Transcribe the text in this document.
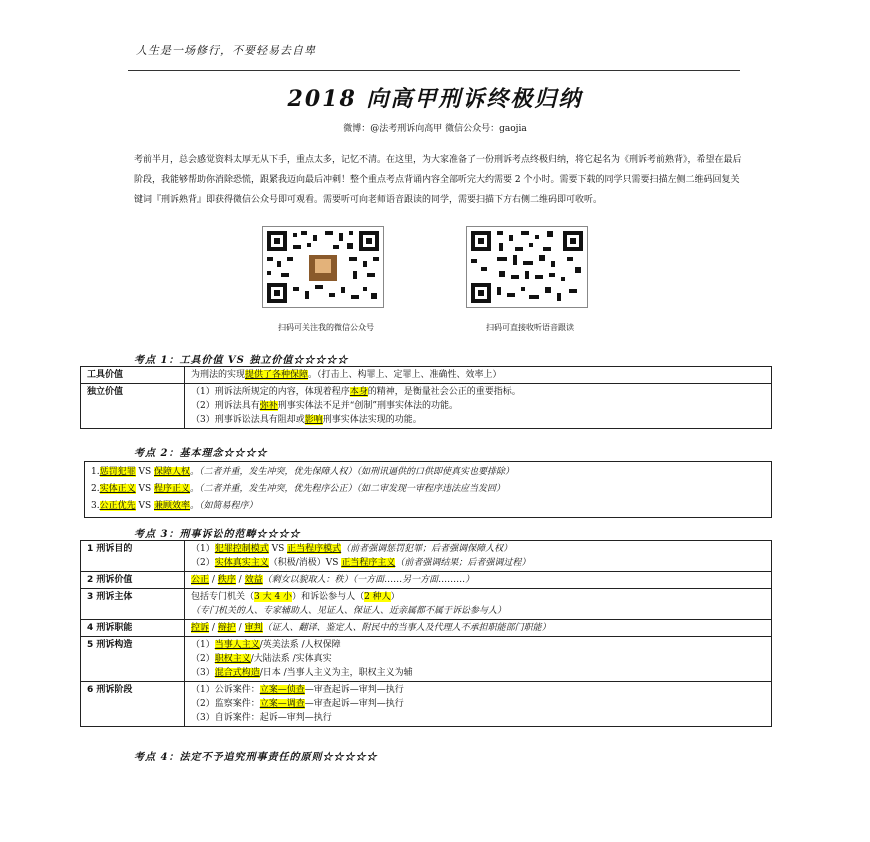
人生是一场修行，不要轻易去自卑
2018 向高甲刑诉终极归纳
微博：@法考刑诉向高甲 微信公众号：gaojia
考前半月，总会感觉资料太厚无从下手，重点太多，记忆不清。在这里，为大家准备了一份刑诉考点终极归纳，将它起名为《刑诉考前熟背》，希望在最后阶段，我能够帮助你消除恐慌，跟紧我迈向最后冲刺！整个重点考点背诵内容全部听完大约需要 2 个小时。需要下载的同学只需要扫描左侧二维码回复关键词『刑诉熟背』即获得微信公众号即可观看。需要听可向老师语音跟读的同学，需要扫描下方右侧二维码即可收听。
扫码可关注我的微信公众号	扫码可直接收听语音跟读
考点 1：工具价值 VS 独立价值☆☆☆☆☆
工具价值	为刑法的实现提供了各种保障。（打击上、构罪上、定罪上、准确性、效率上）
独立价值	（1）刑诉法所规定的内容，体现着程序本身的精神，是衡量社会公正的重要指标。
（2）刑诉法具有弥补刑事实体法不足并“创制”刑事实体法的功能。
（3）刑事诉讼法具有阻却或影响刑事实体法实现的功能。
考点 2：基本理念☆☆☆☆
1.惩罚犯罪 VS 保障人权。（二者并重，发生冲突，优先保障人权）（如刑讯逼供的口供即使真实也要排除）
2.实体正义 VS 程序正义。（二者并重，发生冲突，优先程序公正）（如二审发现一审程序违法应当发回）
3.公正优先 VS 兼顾效率。（如简易程序）
考点 3：刑事诉讼的范畴☆☆☆☆
1 刑诉目的	（1）犯罪控制模式 VS 正当程序模式（前者强调惩罚犯罪；后者强调保障人权）
（2）实体真实主义（积极/消极）VS 正当程序主义（前者强调结果；后者强调过程）

2 刑诉价值	公正 / 秩序 / 效益（剩女以貌取人：秩）（一方面……另一方面………）
3 刑诉主体	包括专门机关（3 大 4 小）和诉讼参与人（2 种人）
（专门机关的人、专家辅助人、见证人、保证人、近亲属都不属于诉讼参与人）

4 刑诉职能	控诉 / 辩护 / 审判（证人、翻译、鉴定人、附民中的当事人及代理人不承担职能部门职能）
5 刑诉构造	（1）当事人主义/英美法系 /人权保障
（2）职权主义/大陆法系 /实体真实
（3）混合式构造/日本 /当事人主义为主，职权主义为辅

6 刑诉阶段	（1）公诉案件：立案—侦查—审查起诉—审判—执行
（2）监察案件：立案—调查—审查起诉—审判—执行
（3）自诉案件：起诉—审判—执行
考点 4：法定不予追究刑事责任的原则☆☆☆☆☆
